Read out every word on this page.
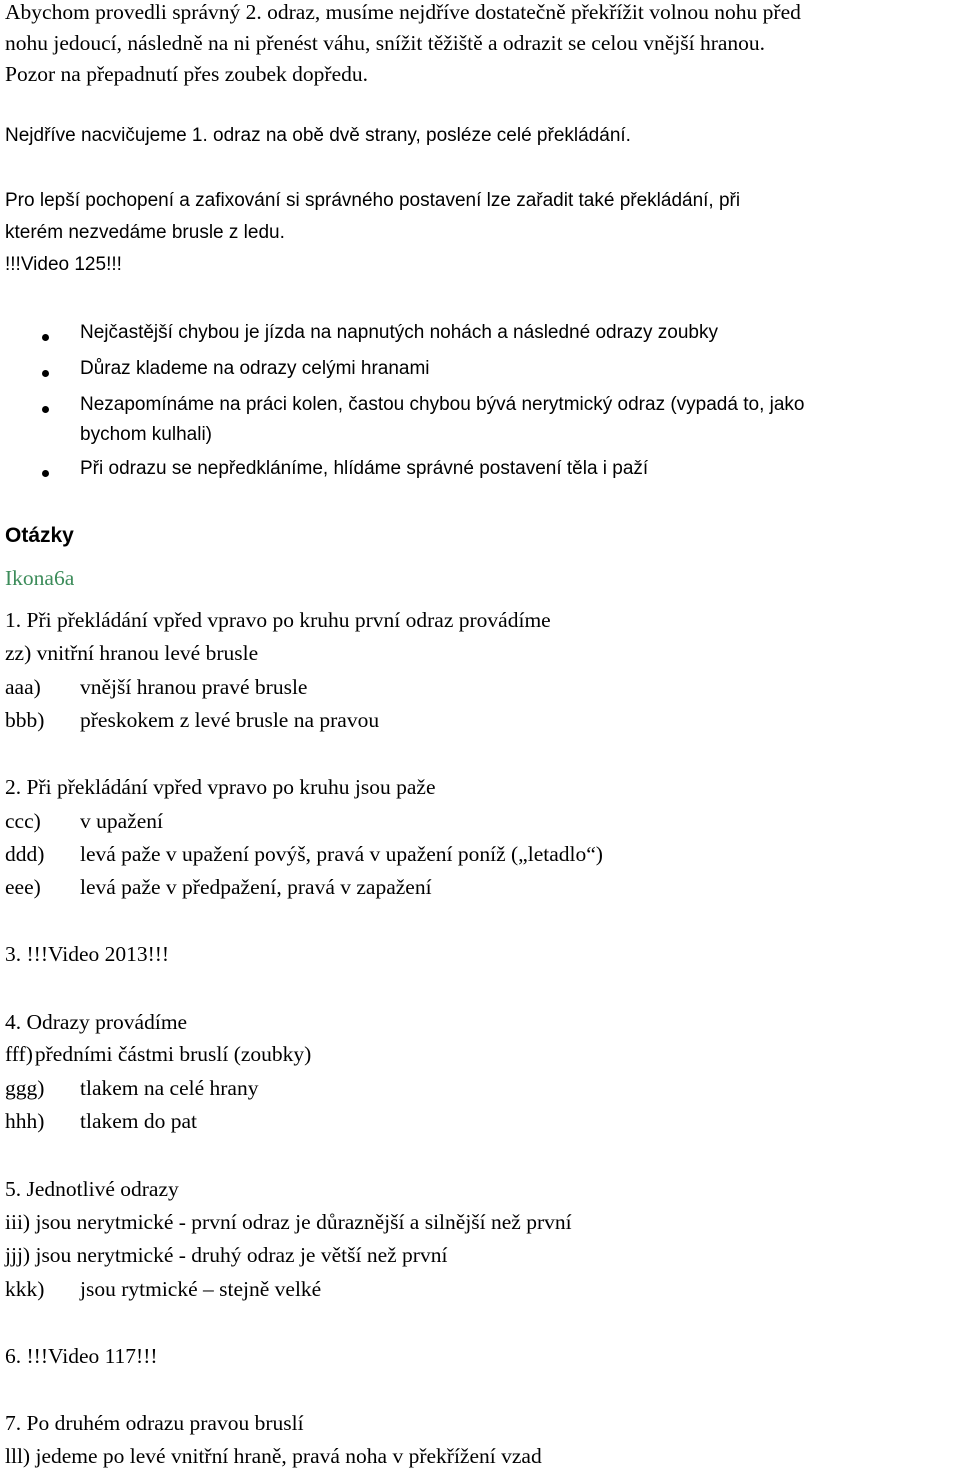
Abychom provedli správný 2. odraz, musíme nejdříve dostatečně překřížit volnou nohu před
nohu jedoucí, následně na ni přenést váhu, snížit těžiště a odrazit se celou vnější hranou.
Pozor na přepadnutí přes zoubek dopředu.
Nejdříve nacvičujeme 1. odraz na obě dvě strany, posléze celé překládání.
Pro lepší pochopení a zafixování si správného postavení lze zařadit také překládání, při
kterém nezvedáme brusle z ledu.
!!!Video 125!!!
Nejčastější chybou je jízda na napnutých nohách a následné odrazy zoubky
Důraz klademe na odrazy celými hranami
Nezapomínáme na práci kolen, častou chybou bývá nerytmický odraz (vypadá to, jako
bychom kulhali)
Při odrazu se nepředkláníme, hlídáme správné postavení těla i paží
Otázky
Ikona6a
1. Při překládání vpřed vpravo po kruhu první odraz provádíme
zz) vnitřní hranou levé brusle
aaa) vnější hranou pravé brusle
bbb) přeskokem z levé brusle na pravou
2. Při překládání vpřed vpravo po kruhu jsou paže
ccc) v upažení
ddd) levá paže v upažení povýš, pravá v upažení poníž („letadlo“)
eee) levá paže v předpažení, pravá v zapažení
3. !!!Video 2013!!!
4. Odrazy provádíme
fff)předními částmi bruslí (zoubky)
ggg) tlakem na celé hrany
hhh) tlakem do pat
5. Jednotlivé odrazy
iii) jsou nerytmické - první odraz je důraznější a silnější než první
jjj) jsou nerytmické - druhý odraz je větší než první
kkk) jsou rytmické – stejně velké
6. !!!Video 117!!!
7. Po druhém odrazu pravou bruslí
lll) jedeme po levé vnitřní hraně, pravá noha v překřížení vzad
